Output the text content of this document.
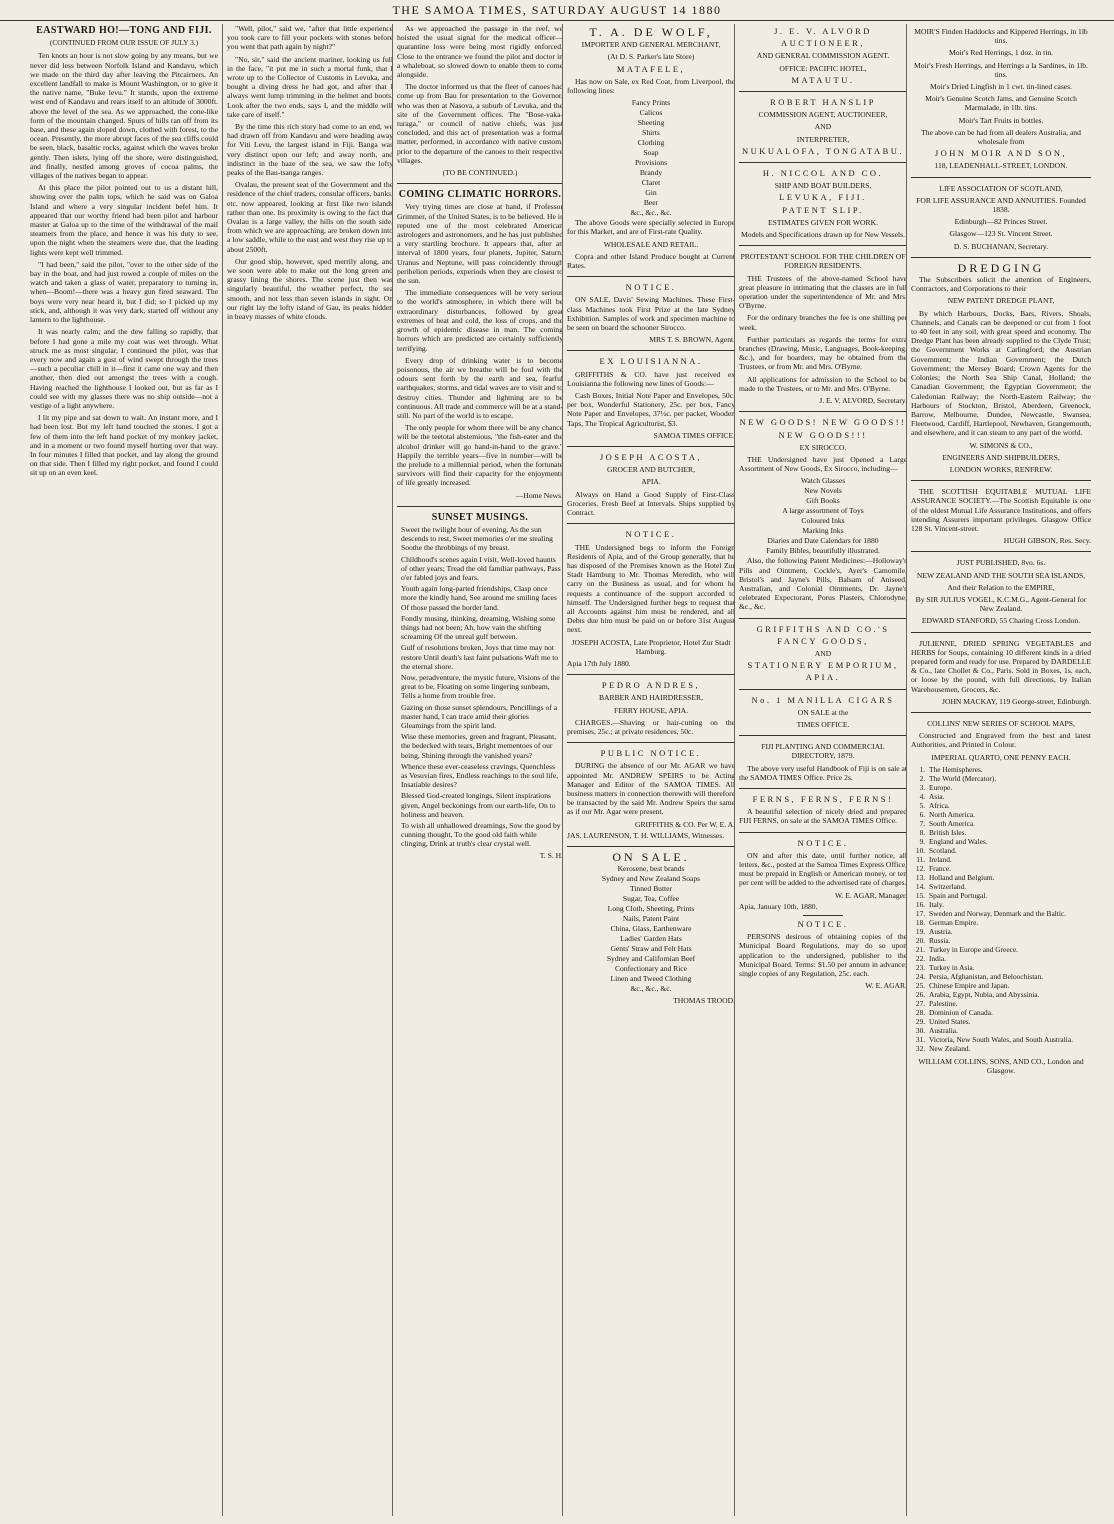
THE SAMOA TIMES, SATURDAY AUGUST 14 1880
EASTWARD HO!—TONG AND FIJI.
(CONTINUED FROM OUR ISSUE OF JULY 3.)

Ten knots an hour is not slow going by any means, but we never did less between Norfolk Island and Kandavu, which we made on the third day after leaving the Pitcairners. An excellent landfall to make is Mount Washington, or to give it the native name, "Buke levu." It stands, upon the extreme west end of Kandavu and rears itself to an altitude of 3000ft. above the level of the sea. As we approached, the cone-like form of the mountain changed. Spurs of hills ran off from its base, and these again sloped down, clothed with forest, to the ocean. Presently, the more abrupt faces of the sea cliffs could be seen, black, basaltic rocks, against which the waves broke gently. Then islets, lying off the shore, were distinguished, and finally, nestled among groves of cocoa palms, the villages of the natives began to appear.

At this place the pilot pointed out to us a distant hill, showing over the palm tops, which he said was on Galoa Island and where a very singular incident befel him. It appeared that our worthy friend had been pilot and harbour master at Galoa up to the time of the withdrawal of the mail steamers from the place, and hence it was his duty to see, upon the night when the steamers were due, that the leading lights were kept well trimmed.

"I had been," said the pilot, "over to the other side of the bay in the boat, and had just rowed a couple of miles on the watch and taken a glass of water, preparatory to turning in, when—Boom!—there was a heavy gun fired seaward. The boys were very near heard it, but I did; so I picked up my stick, and, although it was very dark, started off without any lantern to the lighthouse.

It was nearly calm; and the dew falling so rapidly, that before I had gone a mile my coat was wet through. What struck me as most singular, I continued the pilot, was that every now and again a gust of wind swept through the trees—such a peculiar chill in it—first it came one way and then another, then died out amongst the trees with a cough. Having reached the lighthouse I looked out, but as far as I could see with my glasses there was no ship outside—not a vestige of a light anywhere.

I lit my pipe and sat down to wait. An instant more, and I had been lost. But my left hand touched the stones. I got a few of them into the left hand pocket of my monkey jacket, and in a moment or two found myself hurting over that way. In four minutes I filled that pocket, and lay along the ground on that side. Then I filled my right pocket, and found I could sit up on an even keel.

"Well, pilot," said we, "after that little experience you took care to fill your pockets with stones before you went that path again by night?"

"No, sir," said the ancient mariner, looking us full in the face, "it put me in such a mortal funk, that I wrote up to the Collector of Customs in Levuka, and bought a diving dress he had got, and after that I always went lump trimming in the helmet and boots. Look after the two ends, says I, and the middle will take care of itself."

By the time this rich story had come to an end, we had drawn off from Kandavu and were heading away for Viti Levu, the largest island in Fiji. Banga was very distinct upon our left; and away north, and indistinct in the haze of the sea, we saw the lofty peaks of the Bau-tsanga ranges.

Ovalau, the present seat of the Government and the residence of the chief traders, consular officers, banks, etc. now appeared, looking at first like two islands rather than one. Its proximity is owing to the fact that Ovalau is a large valley, the hills on the south side, from which we are approaching, are broken down into a low saddle, while to the east and west they rise up to about 2500ft.

Our good ship, however, sped merrily along, and we soon were able to make out the long green and grassy lining the shores. The scene just then was singularly beautiful, the weather perfect, the sea smooth, and not less than seven islands in sight. On our right lay the lofty island of Gau, its peaks hidden in heavy masses of white clouds.

As we approached the passage in the reef, we hoisted the usual signal for the medical officer—quarantine loss were being most rigidly enforced. Close to the entrance we found the pilot and doctor in a whaleboat, so slowed down to enable them to come alongside.

The doctor informed us that the fleet of canoes had come up from Bau for presentation to the Governor, who was then at Nasova, a suburb of Levuka, and the site of the Government offices. The "Bose-vaka-turaga," or council of native chiefs, was just concluded, and this act of presentation was a formal matter, performed, in accordance with native custom, prior to the departure of the canoes to their respective villages.

(TO BE CONTINUED.)
COMING CLIMATIC HORRORS.

Very trying times are close at hand, if Professor Grimmer, of the United States, is to be believed. He is reputed one of the most celebrated American astrologers and astronomers, and he has just published a very startling brochure. It appears that, after an interval of 1800 years, four planets, Jupiter, Saturn, Uranus and Neptune, will pass coincidently through perihelion periods, experiods when they are closest to the sun.

The immediate consequences will be very serious to the world's atmosphere, in which there will be extraordinary disturbances, followed by great extremes of heat and cold, the loss of crops, and the growth of epidemic disease in man. The coming horrors which are predicted are certainly sufficiently terrifying.

Every drop of drinking water is to become poisonous, the air we breathe will be foul with the odours sent forth by the earth and sea, fearful earthquakes, storms, and tidal waves are to visit and to destroy cities. Thunder and lightning are to be continuous. All trade and commerce will be at a stand-still. No part of the world is to escape.

The only people for whom there will be any chance will be the teetotal abstemious, "the fish-eater and the alcohol drinker will go hand-in-hand to the grave." Happily the terrible years—five in number—will be the prelude to a millennial period, when the fortunate survivors will find their capacity for the enjoyments of life greatly increased.

—Home News.
SUNSET MUSINGS.

Sweet the twilight hour of evening, As the sun descends to rest, Sweet memories o'er me stealing Soothe the throbbings of my breast.

Childhood's scenes again I visit, Well-loved haunts of other years; Tread the old familiar pathways, Pass o'er fabled joys and fears.

Youth again long-parted friendships, Clasp once more the kindly hand, See around me smiling faces Of those passed the border land.

Fondly musing, thinking, dreaming, Wishing some things had not been; Ah, how vain the shifting screaming Of the unreal gulf between.

Gulf of resolutions broken, Joys that time may not restore Until death's last faint pulsations Waft me to the eternal shore.

Now, peradventure, the mystic future, Visions of the great to be, Floating on some lingering sunbeam, Tells a home from trouble free.

Gazing on those sunset splendours, Pencillings of a master hand, I can trace amid their glories Gleamings from the spirit land.

Wise these memories, green and fragrant, Pleasant, the bedecked with tears, Bright mementoes of our being, Shining through the vanished years?

Whence these ever-ceaseless cravings, Quenchless as Vesuvian fires, Endless reachings to the soul life, Insatiable desires?

Blessed God-created longings, Silent inspirations given, Angel beckonings from our earth-life, On to holiness and heaven.

To wish all unhallowed dreamings, Sow the good by cunning thought, To the good old faith while clinging, Drink at truth's clear crystal well.

T. S. H.
T. A. DE WOLF,
IMPORTER AND GENERAL MERCHANT,
(At D. S. Parker's late Store)
MATAFELE,

Has now on Sale, ex Red Coat, from Liverpool, the following lines:

Fancy Prints
Calicos
Sheeting
Shirts
Clothing
Soap
Provisions
Brandy
Claret
Gin
Beer
&c., &c., &c.

The above Goods were specially selected in Europe for this Market, and are of First-rate Quality.

WHOLESALE AND RETAIL.

Copra and other Island Produce bought at Current Rates.

NOTICE.

ON SALE, Davis' Sewing Machines. These First-class Machines took First Prize at the late Sydney Exhibition. Samples of work and specimen machine to be seen on board the schooner Sirocco.

MRS T. S. BROWN, Agent.
EX LOUISIANNA.

GRIFFITHS & CO. have just received ex Louisianna the following new lines of Goods:—

Cash Boxes, Initial Note Paper and Envelopes, 50c. per box, Wonderful Stationery, 25c. per box, Fancy Note Paper and Envelopes, 37½c. per packet, Wooden Taps, The Tropical Agriculturist, $3.

SAMOA TIMES OFFICE.
JOSEPH ACOSTA,
GROCER AND BUTCHER,
APIA.

Always on Hand a Good Supply of First-Class Groceries. Fresh Beef at Intervals. Ships supplied by Contract.

NOTICE.

THE Undersigned begs to inform the Foreign Residents of Apia, and of the Group generally, that he has disposed of the Premises known as the Hotel Zur Stadt Hamburg to Mr. Thomas Meredith, who will carry on the Business as usual, and for whom he requests a continuance of the support accorded to himself. The Undersigned further begs to request that all Accounts against him must be rendered, and all Debts due him must be paid on or before 31st August next.

JOSEPH ACOSTA, Late Proprietor, Hotel Zur Stadt Hamburg.
Apia 17th July 1880.
PEDRO ANDRES,
BARBER AND HAIRDRESSER,
FERRY HOUSE, APIA.

CHARGES.—Shaving or hair-cutting on the premises, 25c.; at private residences, 50c.

PUBLIC NOTICE.

DURING the absence of our Mr. AGAR we have appointed Mr. ANDREW SPEIRS to be Acting Manager and Editor of the SAMOA TIMES. All business matters in connection therewith will therefore be transacted by the said Mr. Andrew Speirs the same as if our Mr. Agar were present.

GRIFFITHS & CO. Per W. E. A.
JAS. LAURENSON, T. H. WILLIAMS, Witnesses.
ON SALE.
Kerosene, best brands
Sydney and New Zealand Soaps
Tinned Butter
Sugar, Tea, Coffee
Long Cloth, Sheeting, Prints
Nails, Patent Paint
China, Glass, Earthenware
Ladies' Garden Hats
Gents' Straw and Felt Hats
Sydney and Californian Beef
Confectionary and Rice
Linen and Tweed Clothing
&c., &c., &c.
THOMAS TROOD.
J. E. V. ALVORD
AUCTIONEER,
AND GENERAL COMMISSION AGENT.
OFFICE: PACIFIC HOTEL,
MATAUTU.
ROBERT HANSLIP
COMMISSION AGENT, AUCTIONEER,
AND
INTERPRETER,
NUKUALOFA, TONGATABU.
H. NICCOL AND CO.
SHIP AND BOAT BUILDERS,
LEVUKA, FIJI.
PATENT SLIP.
ESTIMATES GIVEN FOR WORK.
Models and Specifications drawn up for New Vessels.
PROTESTANT SCHOOL FOR THE CHILDREN OF FOREIGN RESIDENTS.

THE Trustees of the above-named School have great pleasure in intimating that the classes are in full operation under the superintendence of Mr. and Mrs. O'Byrne.

For the ordinary branches the fee is one shilling per week.

Further particulars as regards the terms for extra branches (Drawing, Music, Languages, Book-keeping, &c.), and for boarders, may be obtained from the Trustees, or from Mr. and Mrs. O'Byrne.

All applications for admission to the School to be made to the Trustees, or to Mr. and Mrs. O'Byrne.

J. E. V. ALVORD, Secretary.
NEW GOODS! NEW GOODS!!
NEW GOODS!!!
EX SIROCCO.

THE Undersigned have just Opened a Large Assortment of New Goods, Ex Sirocco, including—

Watch Glasses
New Novels
Gift Books
A large assortment of Toys
Coloured Inks
Marking Inks
Diaries and Date Calendars for 1880
Family Bibles, beautifully illustrated.

Also, the following Patent Medicines:—Holloway's Pills and Ointment, Cockle's, Ayer's Camomile, Bristol's and Jayne's Pills, Balsam of Aniseed, Australian, and Colonial Ointments, Dr. Jayne's celebrated Expectorant, Porus Plasters, Chlorodyne, &c., &c.

GRIFFITHS AND CO.'S
FANCY GOODS,
AND
STATIONERY EMPORIUM,
APIA.
No. 1 MANILLA CIGARS
ON SALE at the
TIMES OFFICE.
FIJI PLANTING AND COMMERCIAL DIRECTORY, 1879.

The above very useful Handbook of Fiji is on sale at the SAMOA TIMES Office. Price 2s.

FERNS, FERNS, FERNS!

A beautiful selection of nicely dried and prepared FIJI FERNS, on sale at the SAMOA TIMES Office.

NOTICE.

ON and after this date, until further notice, all letters, &c., posted at the Samoa Times Express Office, must be prepaid in English or American money, or ten per cent will be added to the advertised rate of charges.

W. E. AGAR, Manager.
Apia, January 10th, 1880.
NOTICE.

PERSONS desirous of obtaining copies of the Municipal Board Regulations, may do so upon application to the undersigned, publisher to the Municipal Board. Terms: $1.50 per annum in advance; single copies of any Regulation, 25c. each.

W. E. AGAR.
MOIR'S Finden Haddocks and Kippered Herrings, in 1lb tins.
Moir's Red Herrings, 1 doz. in tin.
Moir's Fresh Herrings, and Herrings a la Sardines, in 1lb. tins.
Moir's Dried Lingfish in 1 cwt. tin-lined cases.
Moir's Genuine Scotch Jams, and Genuine Scotch Marmalade, in 1lb. tins.
Moir's Tart Fruits in bottles.
The above can be had from all dealers Australia, and wholesale from
JOHN MOIR AND SON,
118, LEADENHALL-STREET, LONDON.
LIFE ASSOCIATION OF SCOTLAND,
FOR LIFE ASSURANCE AND ANNUITIES. Founded 1838.
Edinburgh—82 Princes Street.
Glasgow—123 St. Vincent Street.
D. S. BUCHANAN, Secretary.
DREDGING

The Subscribers solicit the attention of Engineers, Contractors, and Corporations to their

NEW PATENT DREDGE PLANT,

By which Harbours, Docks, Bars, Rivers, Shoals, Channels, and Canals can be deepened or cut from 1 foot to 40 feet in any soil, with great speed and economy. The Dredge Plant has been already supplied to the Clyde Trust; the Government Works at Carlingford; the Austrian Government; the Indian Government; the Dutch Government; the Mersey Board; Crown Agents for the Colonies; the North Sea Ship Canal, Holland; the Canadian Government; the Egyptian Government; the Caledonian Railway; the North-Eastern Railway; the Harbours of Stockton, Bristol, Aberdeen, Greenock, Barrow, Melbourne, Dundee, Newcastle, Swansea, Fleetwood, Cardiff, Hartlepool, Newhaven, Grangemouth, and elsewhere, and it can steam to any part of the world.

W. SIMONS & CO.,
ENGINEERS AND SHIPBUILDERS,
LONDON WORKS, RENFREW.

THE SCOTTISH EQUITABLE MUTUAL LIFE ASSURANCE SOCIETY.—The Scottish Equitable is one of the oldest Mutual Life Assurance Institutions, and offers intending Assurers important privileges. Glasgow Office 128 St. Vincent-street.

HUGH GIBSON, Res. Secy.
JUST PUBLISHED, 8vo. 6s.
NEW ZEALAND AND THE SOUTH SEA ISLANDS,
And their Relation to the EMPIRE,
By SIR JULIUS VOGEL, K.C.M.G., Agent-General for New Zealand.
EDWARD STANFORD, 55 Charing Cross London.

JULIENNE, DRIED SPRING VEGETABLES and HERBS for Soups, containing 10 different kinds in a dried prepared form and ready for use. Prepared by DARDELLE & Co., late Chollet & Co., Paris. Sold in Boxes, 1s. each, or loose by the pound, with full directions, by Italian Warehousemen, Grocers, &c.

JOHN MACKAY, 119 George-street, Edinburgh.
COLLINS' NEW SERIES OF SCHOOL MAPS,

Constructed and Engraved from the best and latest Authorities, and Printed in Colour.

IMPERIAL QUARTO, ONE PENNY EACH.
1. The Hemispheres.
2. The World (Mercator).
3. Europe.
4. Asia.
5. Africa.
6. North America.
7. South America.
8. British Isles.
9. England and Wales.
10. Scotland.
11. Ireland.
12. France.
13. Holland and Belgium.
14. Switzerland.
15. Spain and Portugal.
16. Italy.
17. Sweden and Norway, Denmark and the Baltic.
18. German Empire.
19. Austria.
20. Russia.
21. Turkey in Europe and Greece.
22. India.
23. Turkey in Asia.
24. Persia, Afghanistan, and Beloochistan.
25. Chinese Empire and Japan.
26. Arabia, Egypt, Nubia, and Abyssinia.
27. Palestine.
28. Dominion of Canada.
29. United States.
30. Australia.
31. Victoria, New South Wales, and South Australia.
32. New Zealand.
WILLIAM COLLINS, SONS, AND CO., London and Glasgow.
